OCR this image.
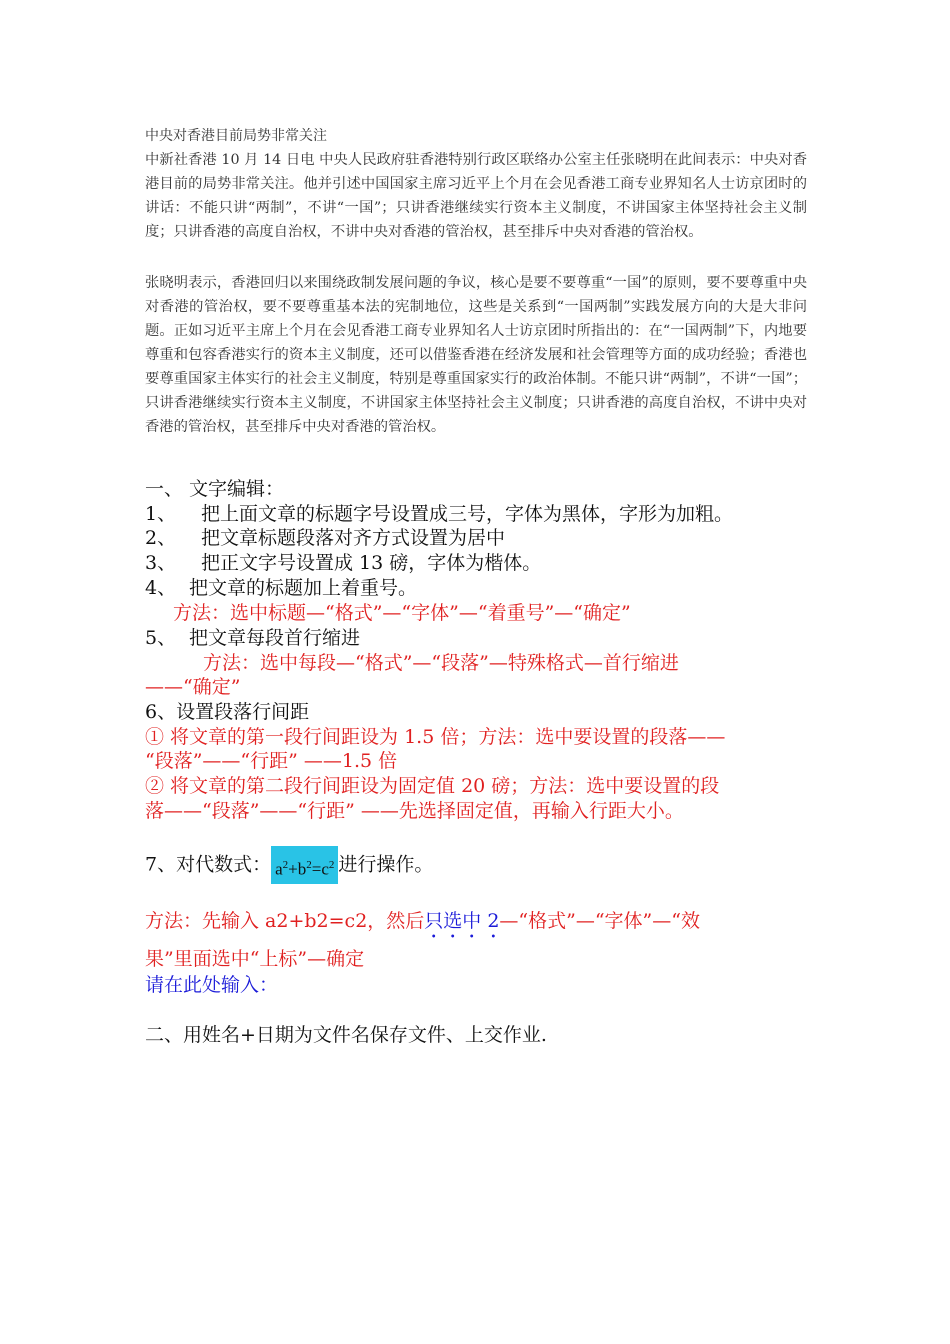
中央对香港目前局势非常关注
中新社香港 10 月 14 日电 中央人民政府驻香港特别行政区联络办公室主任张晓明在此间表示：中央对香港目前的局势非常关注。他并引述中国国家主席习近平上个月在会见香港工商专业界知名人士访京团时的讲话：不能只讲“两制”，不讲“一国”；只讲香港继续实行资本主义制度，不讲国家主体坚持社会主义制度；只讲香港的高度自治权，不讲中央对香港的管治权，甚至排斥中央对香港的管治权。
张晓明表示，香港回归以来围绕政制发展问题的争议，核心是要不要尊重“一国”的原则，要不要尊重中央对香港的管治权，要不要尊重基本法的宪制地位，这些是关系到“一国两制”实践发展方向的大是大非问题。正如习近平主席上个月在会见香港工商专业界知名人士访京团时所指出的：在“一国两制”下，内地要尊重和包容香港实行的资本主义制度，还可以借鉴香港在经济发展和社会管理等方面的成功经验；香港也要尊重国家主体实行的社会主义制度，特别是尊重国家实行的政治体制。不能只讲“两制”，不讲“一国”；只讲香港继续实行资本主义制度，不讲国家主体坚持社会主义制度；只讲香港的高度自治权，不讲中央对香港的管治权，甚至排斥中央对香港的管治权。
一、 文字编辑：
1、 把上面文章的标题字号设置成三号，字体为黑体，字形为加粗。
2、 把文章标题段落对齐方式设置为居中
3、 把正文字号设置成 13 磅，字体为楷体。
4、 把文章的标题加上着重号。
方法：选中标题—“格式”—“字体”—“着重号”—“确定”
5、 把文章每段首行缩进
方法：选中每段—“格式”—“段落”—特殊格式—首行缩进
——“确定”
6、设置段落行间距
① 将文章的第一段行间距设为 1.5 倍；方法：选中要设置的段落——
“段落”——“行距” ——1.5 倍
② 将文章的第二段行间距设为固定值 20 磅；方法：选中要设置的段
落——“段落”——“行距” ——先选择固定值，再输入行距大小。
7、对代数式： $a^2+b^2=c^2$ 进行操作。
方法：先输入 a2+b2=c2，然后只选中 2—“格式”—“字体”—“效
果”里面选中“上标”—确定
请在此处输入：
二、用姓名+日期为文件名保存文件、上交作业.
